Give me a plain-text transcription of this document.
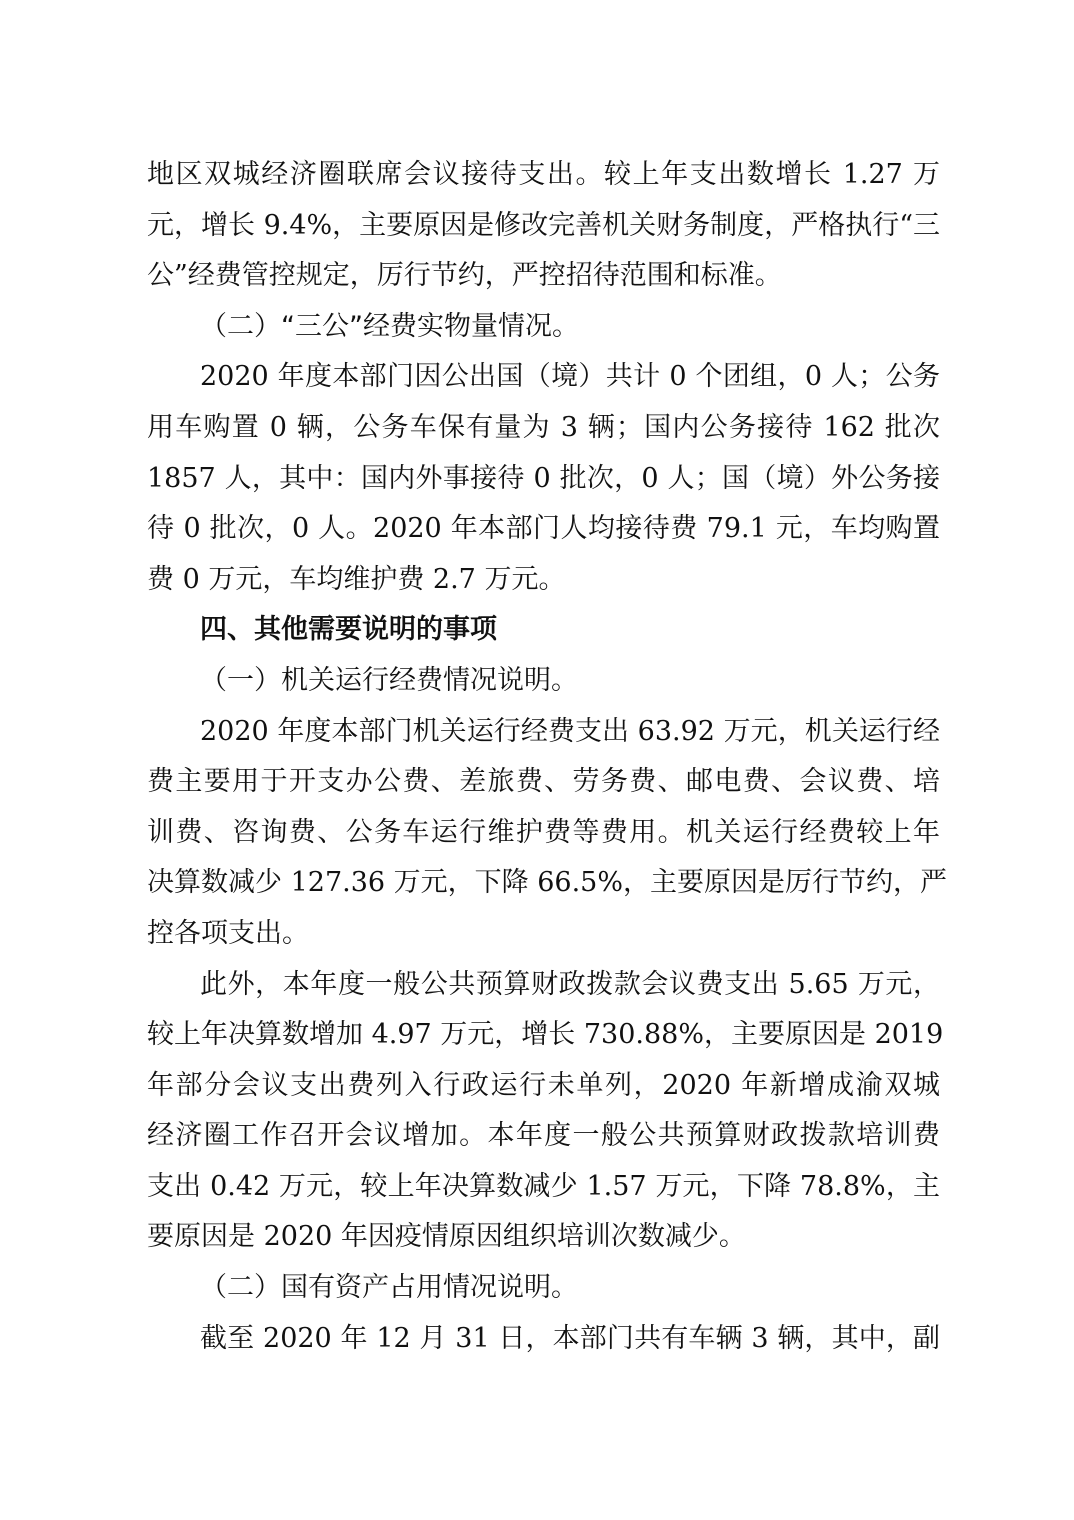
地区双城经济圈联席会议接待支出。较上年支出数增长 1.27 万
元，增长 9.4%，主要原因是修改完善机关财务制度，严格执行“三
公”经费管控规定，厉行节约，严控招待范围和标准。
（二）“三公”经费实物量情况。
2020 年度本部门因公出国（境）共计 0 个团组，0 人；公务
用车购置 0 辆，公务车保有量为 3 辆；国内公务接待 162 批次
1857 人，其中：国内外事接待 0 批次，0 人；国（境）外公务接
待 0 批次，0 人。2020 年本部门人均接待费 79.1 元，车均购置
费 0 万元，车均维护费 2.7 万元。
四、其他需要说明的事项
（一）机关运行经费情况说明。
2020 年度本部门机关运行经费支出 63.92 万元，机关运行经
费主要用于开支办公费、差旅费、劳务费、邮电费、会议费、培
训费、咨询费、公务车运行维护费等费用。机关运行经费较上年
决算数减少 127.36 万元，下降 66.5%，主要原因是厉行节约，严
控各项支出。
此外，本年度一般公共预算财政拨款会议费支出 5.65 万元，
较上年决算数增加 4.97 万元，增长 730.88%，主要原因是 2019
年部分会议支出费列入行政运行未单列，2020 年新增成渝双城
经济圈工作召开会议增加。本年度一般公共预算财政拨款培训费
支出 0.42 万元，较上年决算数减少 1.57 万元，下降 78.8%，主
要原因是 2020 年因疫情原因组织培训次数减少。
（二）国有资产占用情况说明。
截至 2020 年 12 月 31 日，本部门共有车辆 3 辆，其中，副
